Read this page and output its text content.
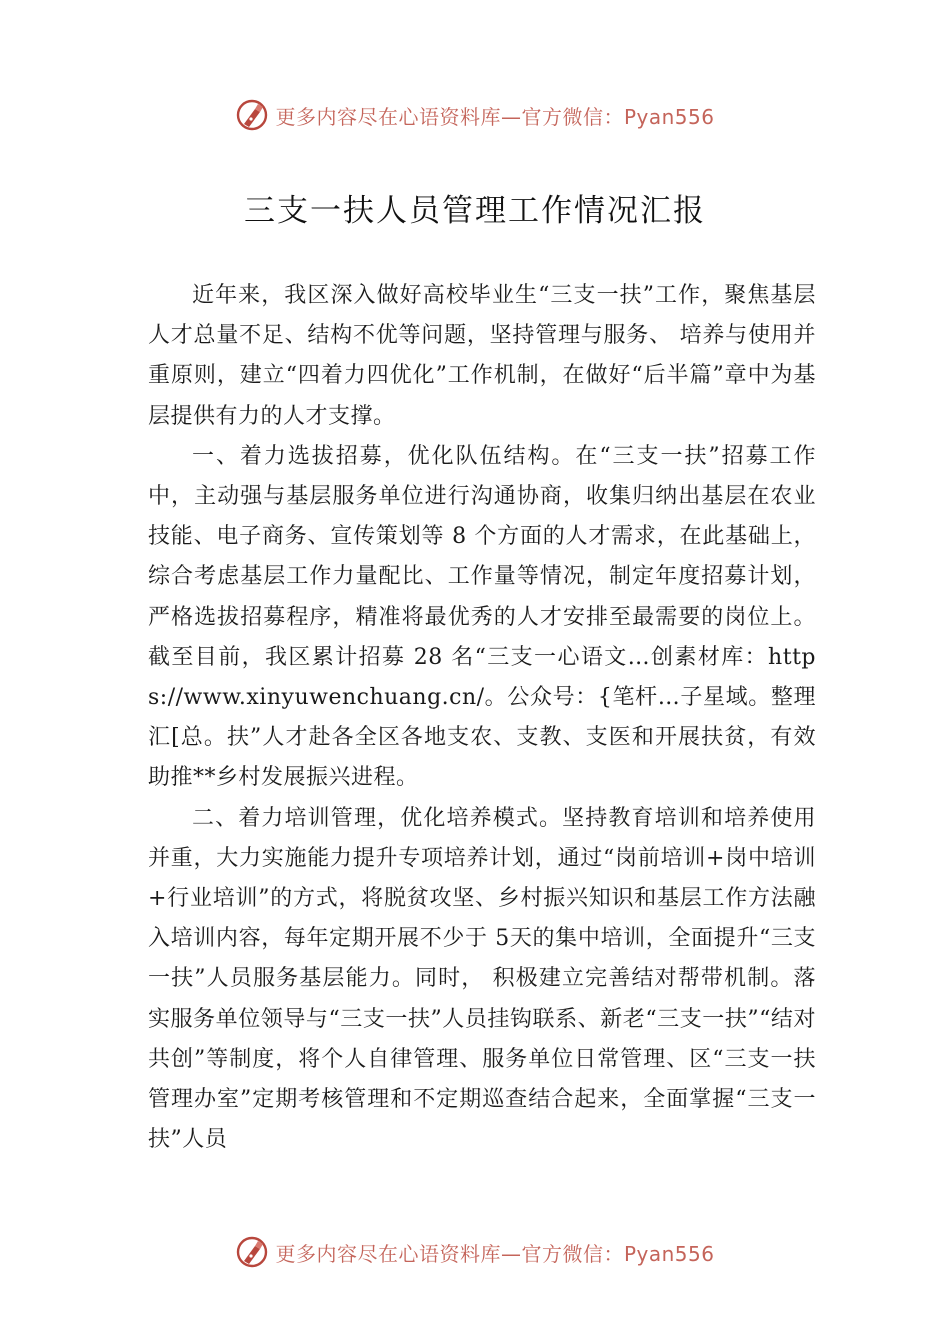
更多内容尽在心语资料库—官方微信：Pyan556
三支一扶人员管理工作情况汇报

近年来，我区深入做好高校毕业生“三支一扶”工作，聚焦基层人才总量不足、结构不优等问题，坚持管理与服务、 培养与使用并重原则，建立“四着力四优化”工作机制，在做好“后半篇”章中为基层提供有力的人才支撑。

一、着力选拔招募，优化队伍结构。在“三支一扶”招募工作中，主动强与基层服务单位进行沟通协商，收集归纳出基层在农业技能、电子商务、宣传策划等 8 个方面的人才需求，在此基础上，综合考虑基层工作力量配比、工作量等情况，制定年度招募计划，严格选拔招募程序，精准将最优秀的人才安排至最需要的岗位上。截至目前，我区累计招募 28 名“三支一心语文…创素材库：https://www.xinyuwenchuang.cn/。公众号：{笔杆…子星域。整理汇[总。扶”人才赴各全区各地支农、支教、支医和开展扶贫，有效助推**乡村发展振兴进程。

二、着力培训管理，优化培养模式。坚持教育培训和培养使用并重，大力实施能力提升专项培养计划，通过“岗前培训+岗中培训+行业培训”的方式，将脱贫攻坚、乡村振兴知识和基层工作方法融入培训内容，每年定期开展不少于 5天的集中培训，全面提升“三支一扶”人员服务基层能力。同时， 积极建立完善结对帮带机制。落实服务单位领导与“三支一扶”人员挂钩联系、新老“三支一扶”“结对共创”等制度，将个人自律管理、服务单位日常管理、区“三支一扶管理办室”定期考核管理和不定期巡查结合起来，全面掌握“三支一扶”人员

更多内容尽在心语资料库—官方微信：Pyan556
